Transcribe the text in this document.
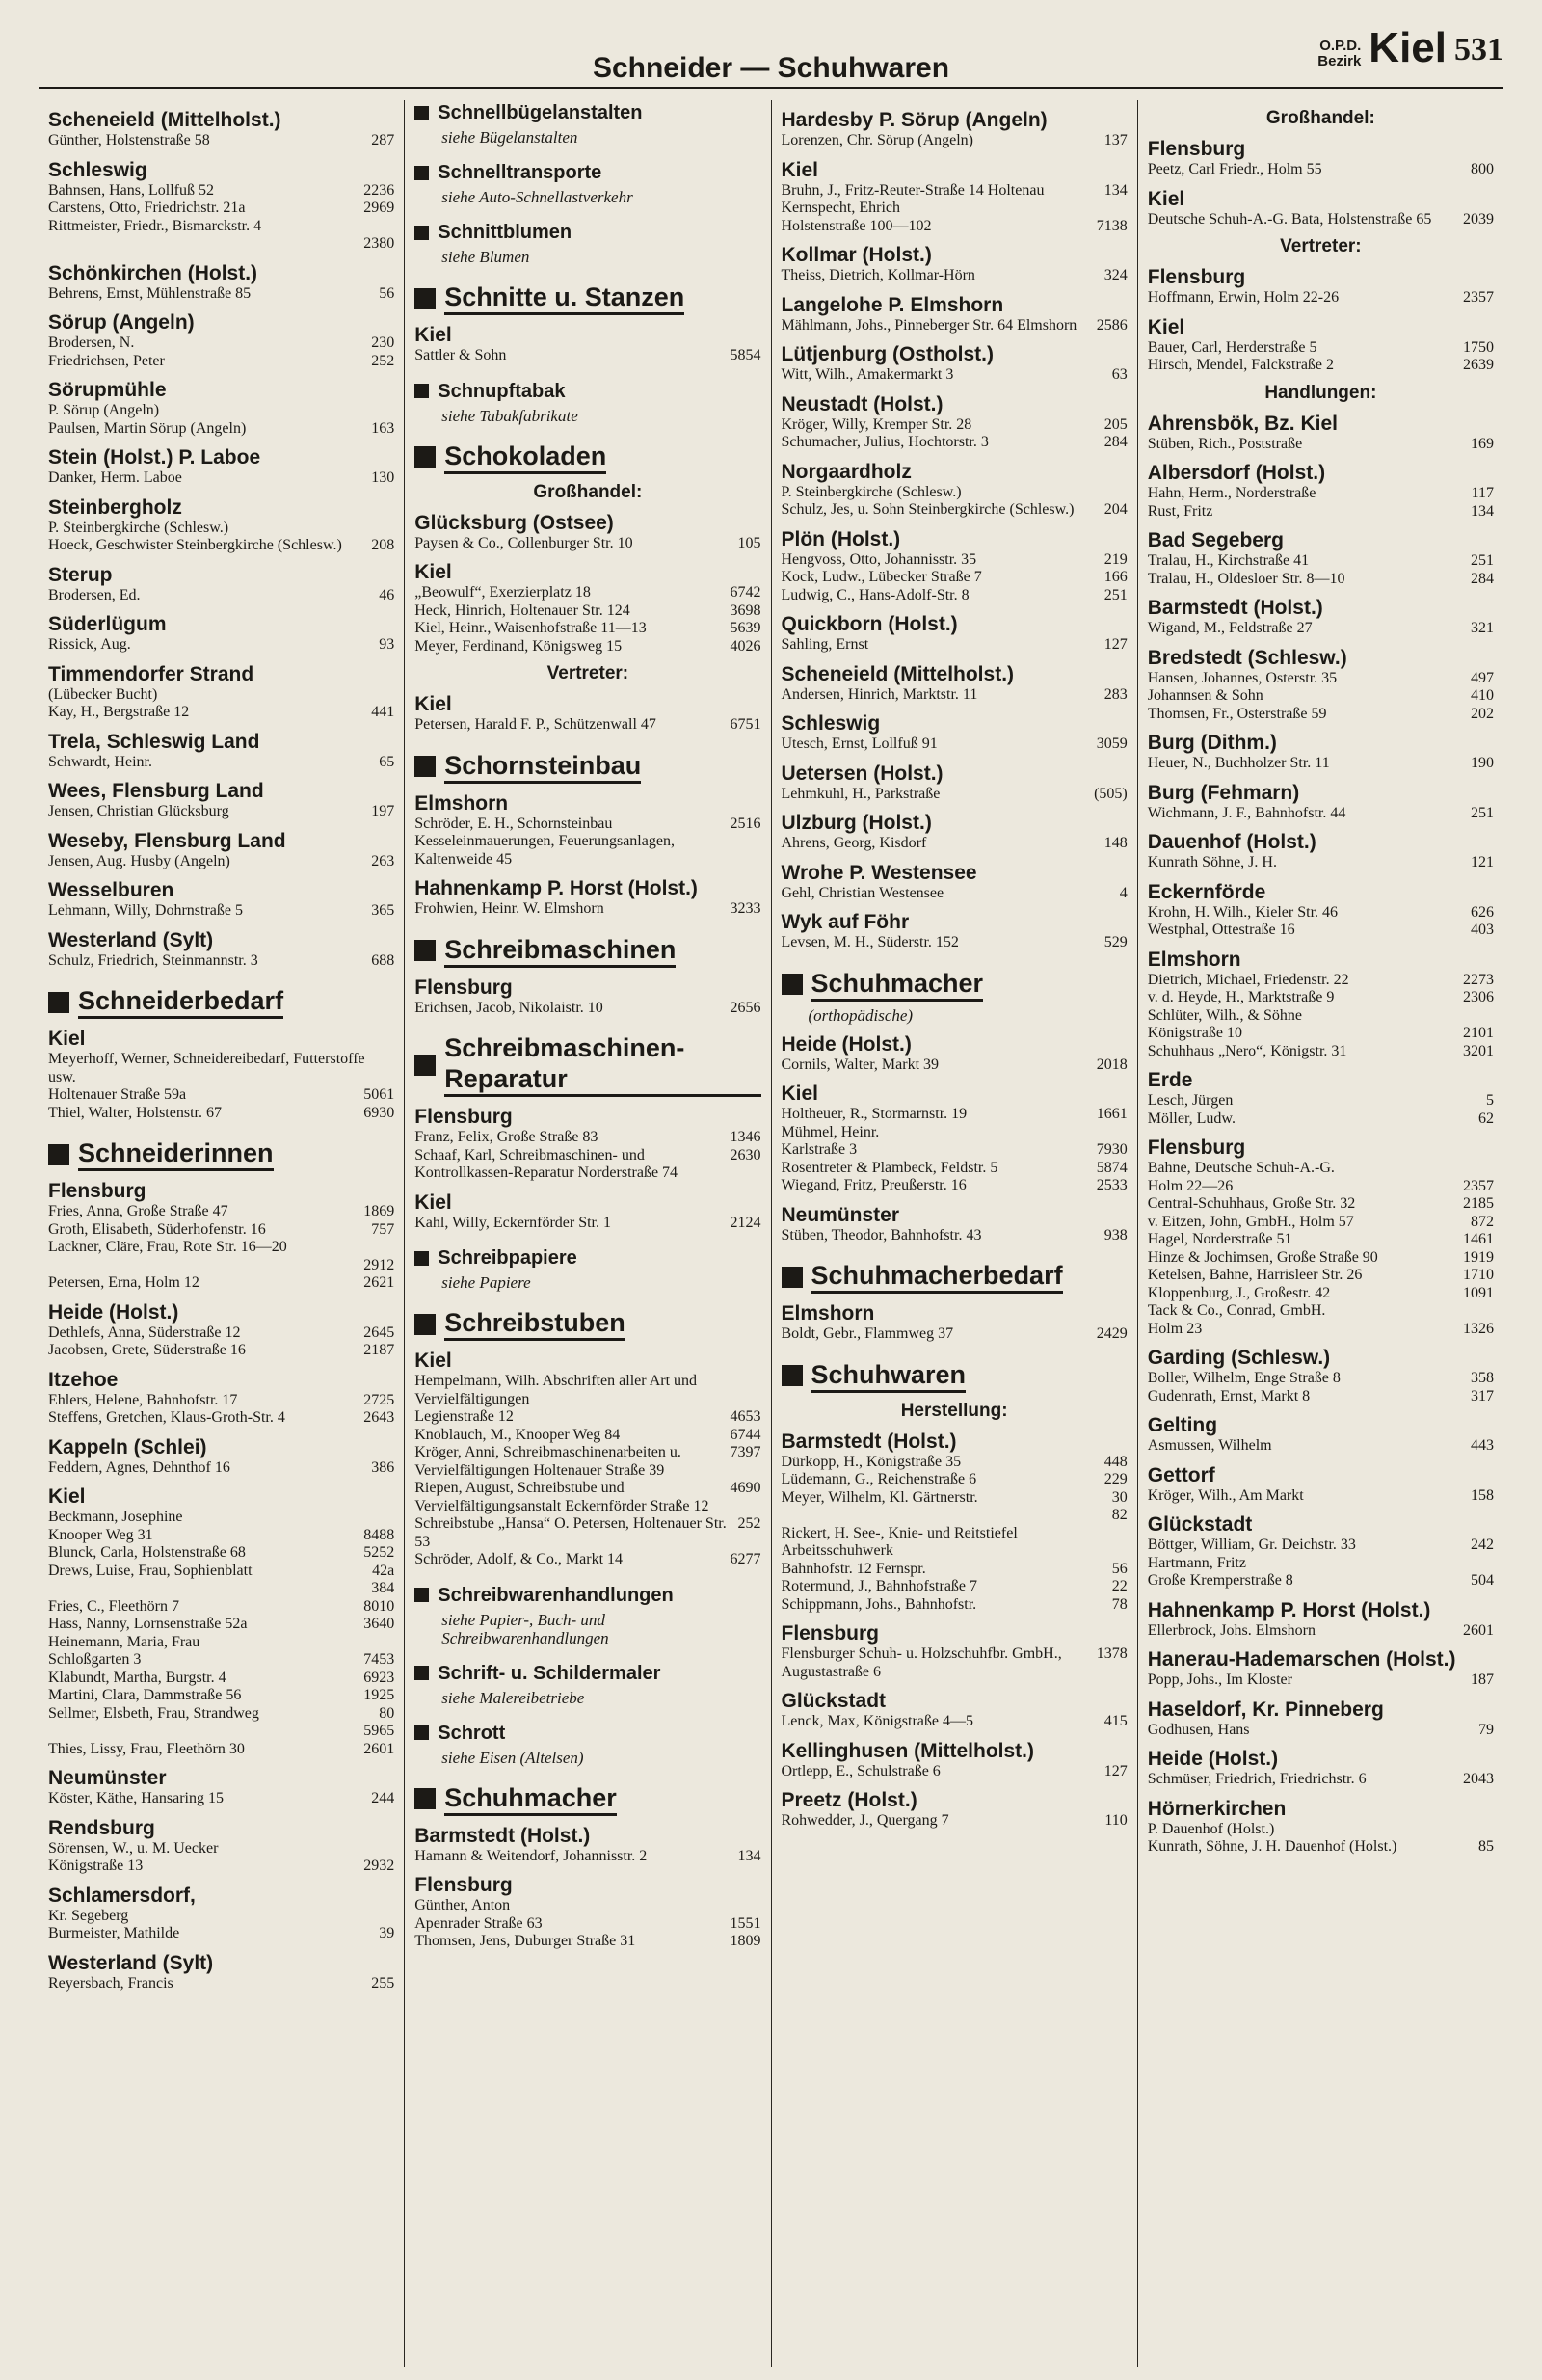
Schneider — Schuhwaren
O.P.D.
Bezirk Kiel 531
Scheneield (Mittelholst.)
Günther, Holstenstraße 58	287
Schleswig
Bahnsen, Hans, Lollfuß 52	2236
Carstens, Otto, Friedrichstr. 21a	2969
Rittmeister, Friedr., Bismarckstr. 4
2380
Schönkirchen (Holst.)
Behrens, Ernst, Mühlenstraße 85	56
Sörup (Angeln)
Brodersen, N.	230
Friedrichsen, Peter	252
Sörupmühle
P. Sörup (Angeln)
Paulsen, Martin Sörup (Angeln)	163
Stein (Holst.) P. Laboe
Danker, Herm. Laboe	130
Steinbergholz
P. Steinbergkirche (Schlesw.)
Hoeck, Geschwister Steinbergkirche (Schlesw.)	208
Sterup
Brodersen, Ed.	46
Süderlügum
Rissick, Aug.	93
Timmendorfer Strand
(Lübecker Bucht)
Kay, H., Bergstraße 12	441
Trela, Schleswig Land
Schwardt, Heinr.	65
Wees, Flensburg Land
Jensen, Christian Glücksburg	197
Weseby, Flensburg Land
Jensen, Aug. Husby (Angeln)	263
Wesselburen
Lehmann, Willy, Dohrnstraße 5	365
Westerland (Sylt)
Schulz, Friedrich, Steinmannstr. 3	688
Schneiderbedarf
Kiel
Meyerhoff, Werner, Schneidereibedarf, Futterstoffe usw.
Holtenauer Straße 59a	5061
Thiel, Walter, Holstenstr. 67	6930
Schneiderinnen
Flensburg
Fries, Anna, Große Straße 47	1869
Groth, Elisabeth, Süderhofenstr. 16	757
Lackner, Cläre, Frau, Rote Str. 16—20
2912
Petersen, Erna, Holm 12	2621
Heide (Holst.)
Dethlefs, Anna, Süderstraße 12	2645
Jacobsen, Grete, Süderstraße 16	2187
Itzehoe
Ehlers, Helene, Bahnhofstr. 17	2725
Steffens, Gretchen, Klaus-Groth-Str. 4	2643
Kappeln (Schlei)
Feddern, Agnes, Dehnthof 16	386
Kiel
Beckmann, Josephine
Knooper Weg 31	8488
Blunck, Carla, Holstenstraße 68	5252
Drews, Luise, Frau, Sophienblatt	42a
384
Fries, C., Fleethörn 7	8010
Hass, Nanny, Lornsenstraße 52a	3640
Heinemann, Maria, Frau
Schloßgarten 3	7453
Klabundt, Martha, Burgstr. 4	6923
Martini, Clara, Dammstraße 56	1925
Sellmer, Elsbeth, Frau, Strandweg	80
5965
Thies, Lissy, Frau, Fleethörn 30	2601
Neumünster
Köster, Käthe, Hansaring 15	244
Rendsburg
Sörensen, W., u. M. Uecker
Königstraße 13	2932
Schlamersdorf,
Kr. Segeberg
Burmeister, Mathilde	39
Westerland (Sylt)
Reyersbach, Francis	255
Schnellbügelanstalten
siehe Bügelanstalten
Schnelltransporte
siehe Auto-Schnellastverkehr
Schnittblumen
siehe Blumen
Schnitte u. Stanzen
Kiel
Sattler & Sohn	5854
Schnupftabak
siehe Tabakfabrikate
Schokoladen
Großhandel:
Glücksburg (Ostsee)
Paysen & Co., Collenburger Str. 10	105
Kiel
„Beowulf“, Exerzierplatz 18	6742
Heck, Hinrich, Holtenauer Str. 124	3698
Kiel, Heinr., Waisenhofstraße 11—13	5639
Meyer, Ferdinand, Königsweg 15	4026
Vertreter:
Kiel
Petersen, Harald F. P., Schützenwall 47	6751
Schornsteinbau
Elmshorn
Schröder, E. H., Schornsteinbau Kesseleinmauerungen, Feuerungsanlagen, Kaltenweide 45
2516
Hahnenkamp P. Horst (Holst.)
Frohwien, Heinr. W. Elmshorn	3233
Schreibmaschinen
Flensburg
Erichsen, Jacob, Nikolaistr. 10	2656
Schreibmaschinen-Reparatur
Flensburg
Franz, Felix, Große Straße 83	1346
Schaaf, Karl, Schreibmaschinen- und Kontrollkassen-Reparatur Norderstraße 74
2630
Kiel
Kahl, Willy, Eckernförder Str. 1	2124
Schreibpapiere
siehe Papiere
Schreibstuben
Kiel
Hempelmann, Wilh. Abschriften aller Art und Vervielfältigungen
Legienstraße 12	4653
Knoblauch, M., Knooper Weg 84	6744
Kröger, Anni, Schreibmaschinenarbeiten u. Vervielfältigungen Holtenauer Straße 39
7397
Riepen, August, Schreibstube und Vervielfältigungsanstalt Eckernförder Straße 12
4690
Schreibstube „Hansa“ O. Petersen, Holtenauer Str. 53
252
Schröder, Adolf, & Co., Markt 14	6277
Schreibwarenhandlungen
siehe Papier-, Buch- und Schreibwarenhandlungen
Schrift- u. Schildermaler
siehe Malereibetriebe
Schrott
siehe Eisen (Altelsen)
Schuhmacher
Barmstedt (Holst.)
Hamann & Weitendorf, Johannisstr. 2	134
Flensburg
Günther, Anton
Apenrader Straße 63	1551
Thomsen, Jens, Duburger Straße 31	1809
Hardesby P. Sörup (Angeln)
Lorenzen, Chr. Sörup (Angeln)	137
Kiel
Bruhn, J., Fritz-Reuter-Straße 14 Holtenau	134
Kernspecht, Ehrich
Holstenstraße 100—102	7138
Kollmar (Holst.)
Theiss, Dietrich, Kollmar-Hörn	324
Langelohe P. Elmshorn
Mählmann, Johs., Pinneberger Str. 64 Elmshorn	2586
Lütjenburg (Ostholst.)
Witt, Wilh., Amakermarkt 3	63
Neustadt (Holst.)
Kröger, Willy, Kremper Str. 28	205
Schumacher, Julius, Hochtorstr. 3	284
Norgaardholz
P. Steinbergkirche (Schlesw.)
Schulz, Jes, u. Sohn Steinbergkirche (Schlesw.)	204
Plön (Holst.)
Hengvoss, Otto, Johannisstr. 35	219
Kock, Ludw., Lübecker Straße 7	166
Ludwig, C., Hans-Adolf-Str. 8	251
Quickborn (Holst.)
Sahling, Ernst	127
Scheneield (Mittelholst.)
Andersen, Hinrich, Marktstr. 11	283
Schleswig
Utesch, Ernst, Lollfuß 91	3059
Uetersen (Holst.)
Lehmkuhl, H., Parkstraße	(505)
Ulzburg (Holst.)
Ahrens, Georg, Kisdorf	148
Wrohe P. Westensee
Gehl, Christian Westensee	4
Wyk auf Föhr
Levsen, M. H., Süderstr. 152	529
Schuhmacher
(orthopädische)
Heide (Holst.)
Cornils, Walter, Markt 39	2018
Kiel
Holtheuer, R., Stormarnstr. 19	1661
Mühmel, Heinr.
Karlstraße 3	7930
Rosentreter & Plambeck, Feldstr. 5	5874
Wiegand, Fritz, Preußerstr. 16	2533
Neumünster
Stüben, Theodor, Bahnhofstr. 43	938
Schuhmacherbedarf
Elmshorn
Boldt, Gebr., Flammweg 37	2429
Schuhwaren
Herstellung:
Barmstedt (Holst.)
Dürkopp, H., Königstraße 35	448
Lüdemann, G., Reichenstraße 6	229
Meyer, Wilhelm, Kl. Gärtnerstr.	30
82
Rickert, H. See-, Knie- und Reitstiefel Arbeitsschuhwerk
Bahnhofstr. 12 Fernspr.	56
Rotermund, J., Bahnhofstraße 7	22
Schippmann, Johs., Bahnhofstr.	78
Flensburg
Flensburger Schuh- u. Holzschuhfbr. GmbH., Augustastraße 6
1378
Glückstadt
Lenck, Max, Königstraße 4—5	415
Kellinghusen (Mittelholst.)
Ortlepp, E., Schulstraße 6	127
Preetz (Holst.)
Rohwedder, J., Quergang 7	110
Großhandel:
Flensburg
Peetz, Carl Friedr., Holm 55	800
Kiel
Deutsche Schuh-A.-G. Bata, Holstenstraße 65	2039
Vertreter:
Flensburg
Hoffmann, Erwin, Holm 22-26	2357
Kiel
Bauer, Carl, Herderstraße 5	1750
Hirsch, Mendel, Falckstraße 2	2639
Handlungen:
Ahrensbök, Bz. Kiel
Stüben, Rich., Poststraße	169
Albersdorf (Holst.)
Hahn, Herm., Norderstraße	117
Rust, Fritz	134
Bad Segeberg
Tralau, H., Kirchstraße 41	251
Tralau, H., Oldesloer Str. 8—10	284
Barmstedt (Holst.)
Wigand, M., Feldstraße 27	321
Bredstedt (Schlesw.)
Hansen, Johannes, Osterstr. 35	497
Johannsen & Sohn	410
Thomsen, Fr., Osterstraße 59	202
Burg (Dithm.)
Heuer, N., Buchholzer Str. 11	190
Burg (Fehmarn)
Wichmann, J. F., Bahnhofstr. 44	251
Dauenhof (Holst.)
Kunrath Söhne, J. H.	121
Eckernförde
Krohn, H. Wilh., Kieler Str. 46	626
Westphal, Ottestraße 16	403
Elmshorn
Dietrich, Michael, Friedenstr. 22	2273
v. d. Heyde, H., Marktstraße 9	2306
Schlüter, Wilh., & Söhne
Königstraße 10	2101
Schuhhaus „Nero“, Königstr. 31	3201
Erde
Lesch, Jürgen	5
Möller, Ludw.	62
Flensburg
Bahne, Deutsche Schuh-A.-G.
Holm 22—26	2357
Central-Schuhhaus, Große Str. 32	2185
v. Eitzen, John, GmbH., Holm 57	872
Hagel, Norderstraße 51	1461
Hinze & Jochimsen, Große Straße 90	1919
Ketelsen, Bahne, Harrisleer Str. 26	1710
Kloppenburg, J., Großestr. 42	1091
Tack & Co., Conrad, GmbH.
Holm 23	1326
Garding (Schlesw.)
Boller, Wilhelm, Enge Straße 8	358
Gudenrath, Ernst, Markt 8	317
Gelting
Asmussen, Wilhelm	443
Gettorf
Kröger, Wilh., Am Markt	158
Glückstadt
Böttger, William, Gr. Deichstr. 33	242
Hartmann, Fritz
Große Kremperstraße 8	504
Hahnenkamp P. Horst (Holst.)
Ellerbrock, Johs. Elmshorn	2601
Hanerau-Hademarschen (Holst.)
Popp, Johs., Im Kloster	187
Haseldorf, Kr. Pinneberg
Godhusen, Hans	79
Heide (Holst.)
Schmüser, Friedrich, Friedrichstr. 6	2043
Hörnerkirchen
P. Dauenhof (Holst.)
Kunrath, Söhne, J. H. Dauenhof (Holst.)	85
